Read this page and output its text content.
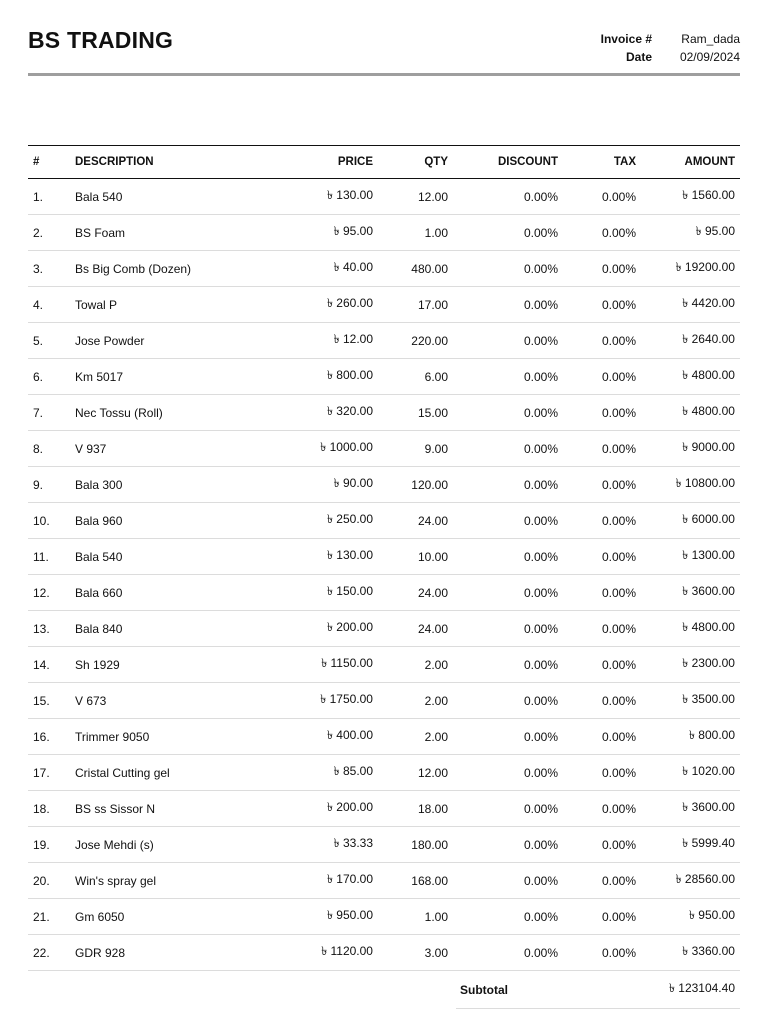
BS TRADING	Invoice #	Ram_dada
Date	02/09/2024
#	DESCRIPTION	PRICE	QTY	DISCOUNT	TAX	AMOUNT
1.	Bala 540	৳ 130.00	12.00	0.00%	0.00%	৳ 1560.00
2.	BS Foam	৳ 95.00	1.00	0.00%	0.00%	৳ 95.00
3.	Bs Big Comb (Dozen)	৳ 40.00	480.00	0.00%	0.00%	৳ 19200.00
4.	Towal P	৳ 260.00	17.00	0.00%	0.00%	৳ 4420.00
5.	Jose Powder	৳ 12.00	220.00	0.00%	0.00%	৳ 2640.00
6.	Km 5017	৳ 800.00	6.00	0.00%	0.00%	৳ 4800.00
7.	Nec Tossu (Roll)	৳ 320.00	15.00	0.00%	0.00%	৳ 4800.00
8.	V 937	৳ 1000.00	9.00	0.00%	0.00%	৳ 9000.00
9.	Bala 300	৳ 90.00	120.00	0.00%	0.00%	৳ 10800.00
10.	Bala 960	৳ 250.00	24.00	0.00%	0.00%	৳ 6000.00
11.	Bala 540	৳ 130.00	10.00	0.00%	0.00%	৳ 1300.00
12.	Bala 660	৳ 150.00	24.00	0.00%	0.00%	৳ 3600.00
13.	Bala 840	৳ 200.00	24.00	0.00%	0.00%	৳ 4800.00
14.	Sh 1929	৳ 1150.00	2.00	0.00%	0.00%	৳ 2300.00
15.	V 673	৳ 1750.00	2.00	0.00%	0.00%	৳ 3500.00
16.	Trimmer 9050	৳ 400.00	2.00	0.00%	0.00%	৳ 800.00
17.	Cristal Cutting gel	৳ 85.00	12.00	0.00%	0.00%	৳ 1020.00
18.	BS ss Sissor N	৳ 200.00	18.00	0.00%	0.00%	৳ 3600.00
19.	Jose Mehdi (s)	৳ 33.33	180.00	0.00%	0.00%	৳ 5999.40
20.	Win's spray gel	৳ 170.00	168.00	0.00%	0.00%	৳ 28560.00
21.	Gm 6050	৳ 950.00	1.00	0.00%	0.00%	৳ 950.00
22.	GDR 928	৳ 1120.00	3.00	0.00%	0.00%	৳ 3360.00
Subtotal	৳ 123104.40
